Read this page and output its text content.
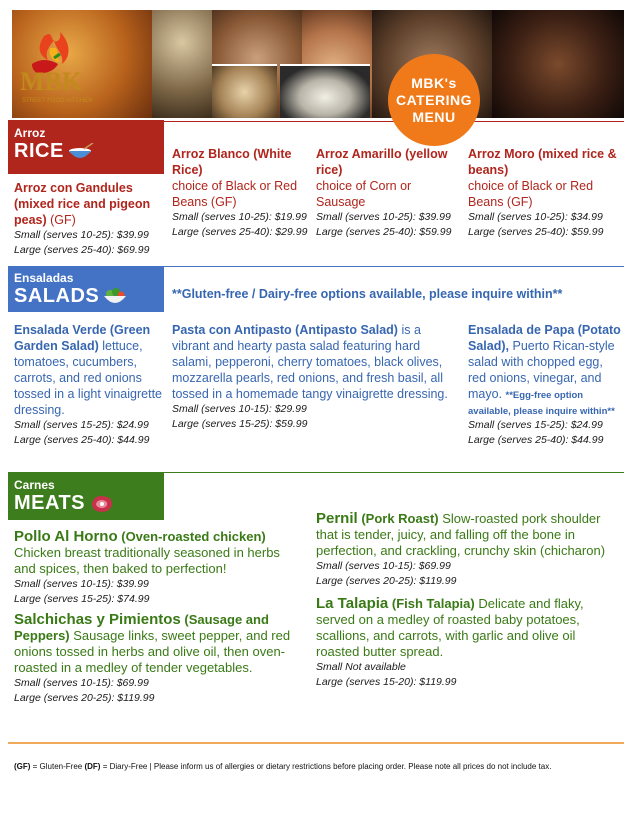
MBK
STREET FOOD KITCHEN
MBK's
CATERING
MENU
Arroz
RICE
Arroz con Gandules (mixed rice and pigeon peas) (GF)
Small (serves 10-25): $39.99
Large (serves 25-40): $69.99
Arroz Blanco (White Rice)
choice of Black or Red Beans (GF)
Small (serves 10-25): $19.99
Large (serves 25-40): $29.99
Arroz Amarillo (yellow rice)
choice of Corn or Sausage
Small (serves 10-25): $39.99
Large (serves 25-40): $59.99
Arroz Moro (mixed rice & beans)
choice of Black or Red Beans (GF)
Small (serves 10-25): $34.99
Large (serves 25-40): $59.99
Ensaladas
SALADS	**Gluten-free / Dairy-free options available, please inquire within**
Ensalada Verde (Green Garden Salad) lettuce, tomatoes, cucumbers, carrots, and red onions tossed in a light vinaigrette dressing.
Small (serves 15-25): $24.99
Large (serves 25-40): $44.99
Pasta con Antipasto (Antipasto Salad) is a vibrant and hearty pasta salad featuring hard salami, pepperoni, cherry tomatoes, black olives, mozzarella pearls, red onions, and fresh basil, all tossed in a homemade tangy vinaigrette dressing.
Small (serves 10-15): $29.99
Large (serves 15-25): $59.99
Ensalada de Papa (Potato Salad), Puerto Rican-style salad with chopped egg, red onions, vinegar, and mayo. **Egg-free option available, please inquire within**
Small (serves 15-25): $24.99
Large (serves 25-40): $44.99
Carnes
MEATS
Pollo Al Horno (Oven-roasted chicken)
Chicken breast traditionally seasoned in herbs and spices, then baked to perfection!
Small (serves 10-15): $39.99
Large (serves 15-25): $74.99
Salchichas y Pimientos (Sausage and Peppers) Sausage links, sweet pepper, and red onions tossed in herbs and olive oil, then oven-roasted in a medley of tender vegetables.
Small (serves 10-15): $69.99
Large (serves 20-25): $119.99
Pernil (Pork Roast) Slow-roasted pork shoulder that is tender, juicy, and falling off the bone in perfection, and crackling, crunchy skin (chicharon)
Small (serves 10-15): $69.99
Large (serves 20-25): $119.99
La Talapia (Fish Talapia) Delicate and flaky, served on a medley of roasted baby potatoes, scallions, and carrots, with garlic and olive oil roasted butter spread.
Small Not available
Large (serves 15-20): $119.99
(GF) = Gluten-Free (DF) = Diary-Free | Please inform us of allergies or dietary restrictions before placing order. Please note all prices do not include tax.
